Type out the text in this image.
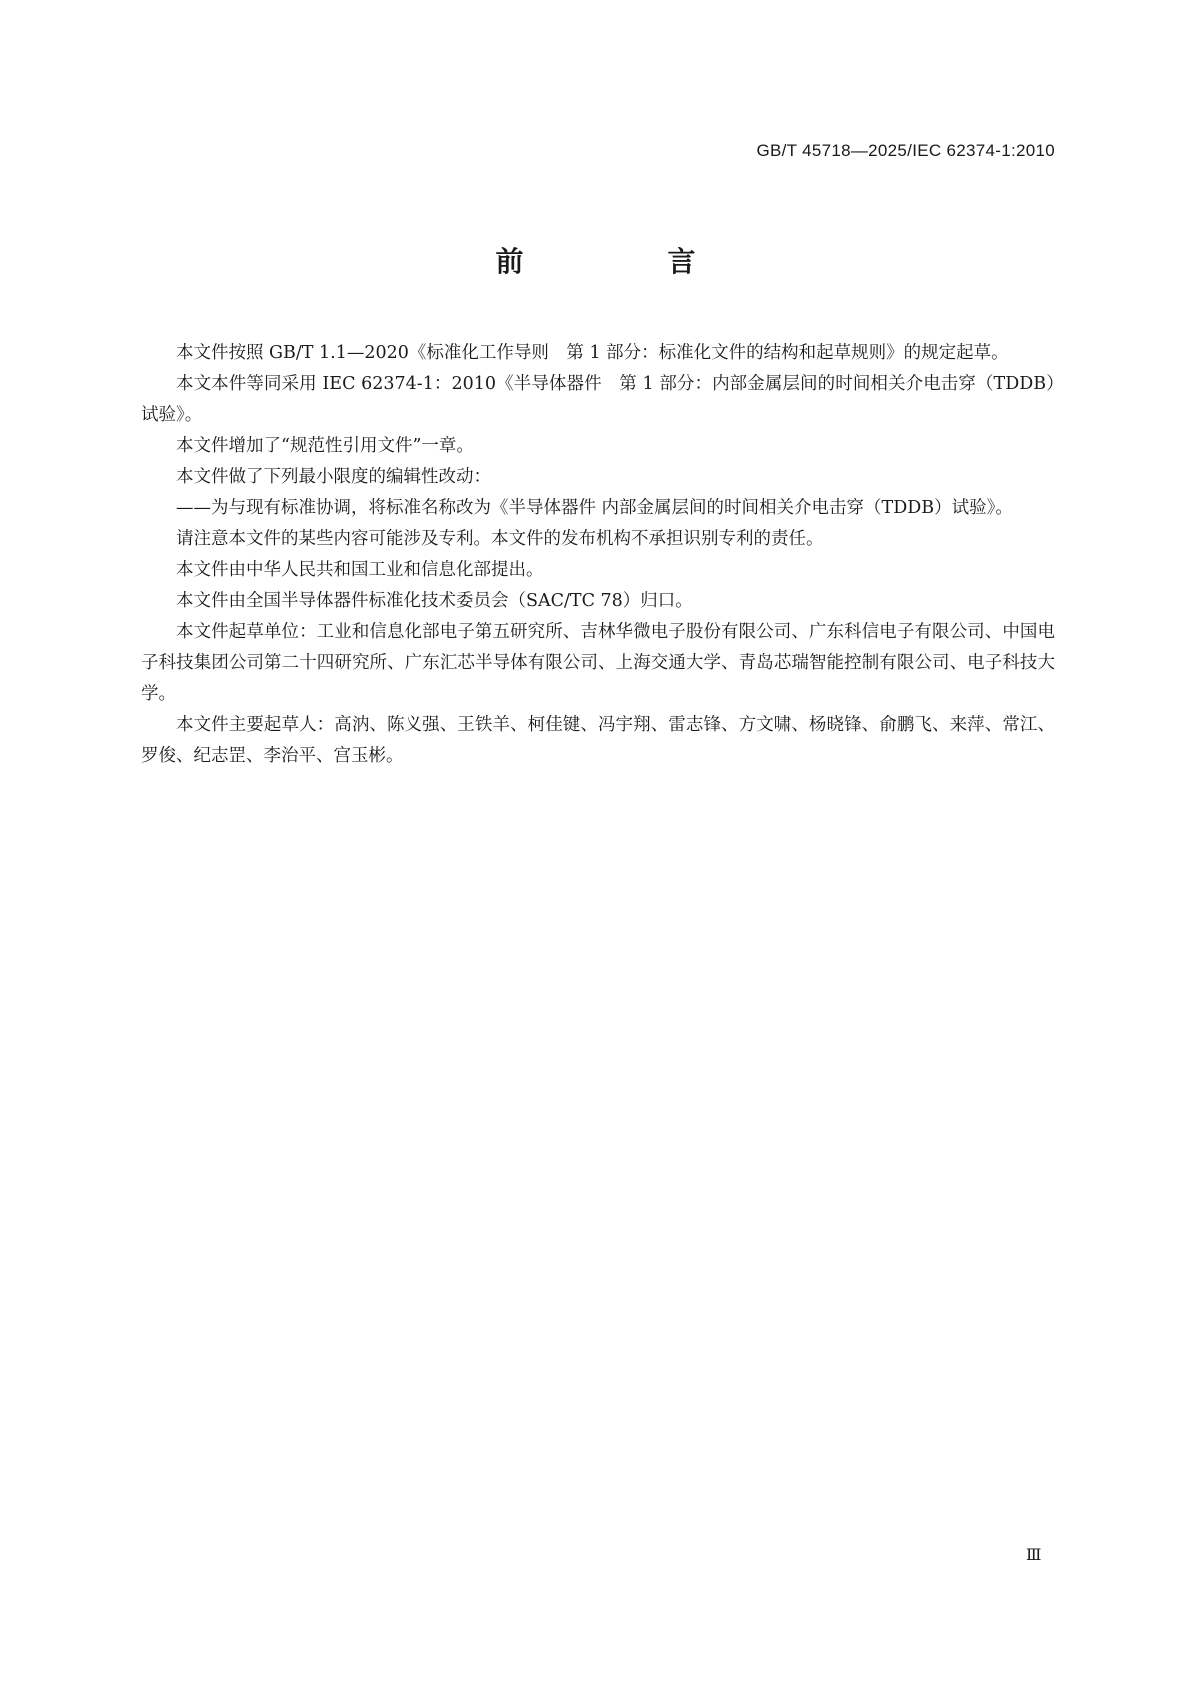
GB/T 45718—2025/IEC 62374-1:2010
前　言

本文件按照 GB/T 1.1—2020《标准化工作导则　第 1 部分：标准化文件的结构和起草规则》的规定起草。

本文本件等同采用 IEC 62374-1：2010《半导体器件　第 1 部分：内部金属层间的时间相关介电击穿（TDDB）试验》。

本文件增加了“规范性引用文件”一章。

本文件做了下列最小限度的编辑性改动：

——为与现有标准协调，将标准名称改为《半导体器件 内部金属层间的时间相关介电击穿（TDDB）试验》。

请注意本文件的某些内容可能涉及专利。本文件的发布机构不承担识别专利的责任。

本文件由中华人民共和国工业和信息化部提出。

本文件由全国半导体器件标准化技术委员会（SAC/TC 78）归口。

本文件起草单位：工业和信息化部电子第五研究所、吉林华微电子股份有限公司、广东科信电子有限公司、中国电子科技集团公司第二十四研究所、广东汇芯半导体有限公司、上海交通大学、青岛芯瑞智能控制有限公司、电子科技大学。

本文件主要起草人：高汭、陈义强、王铁羊、柯佳键、冯宇翔、雷志锋、方文啸、杨晓锋、俞鹏飞、来萍、常江、罗俊、纪志罡、李治平、宫玉彬。

Ⅲ
